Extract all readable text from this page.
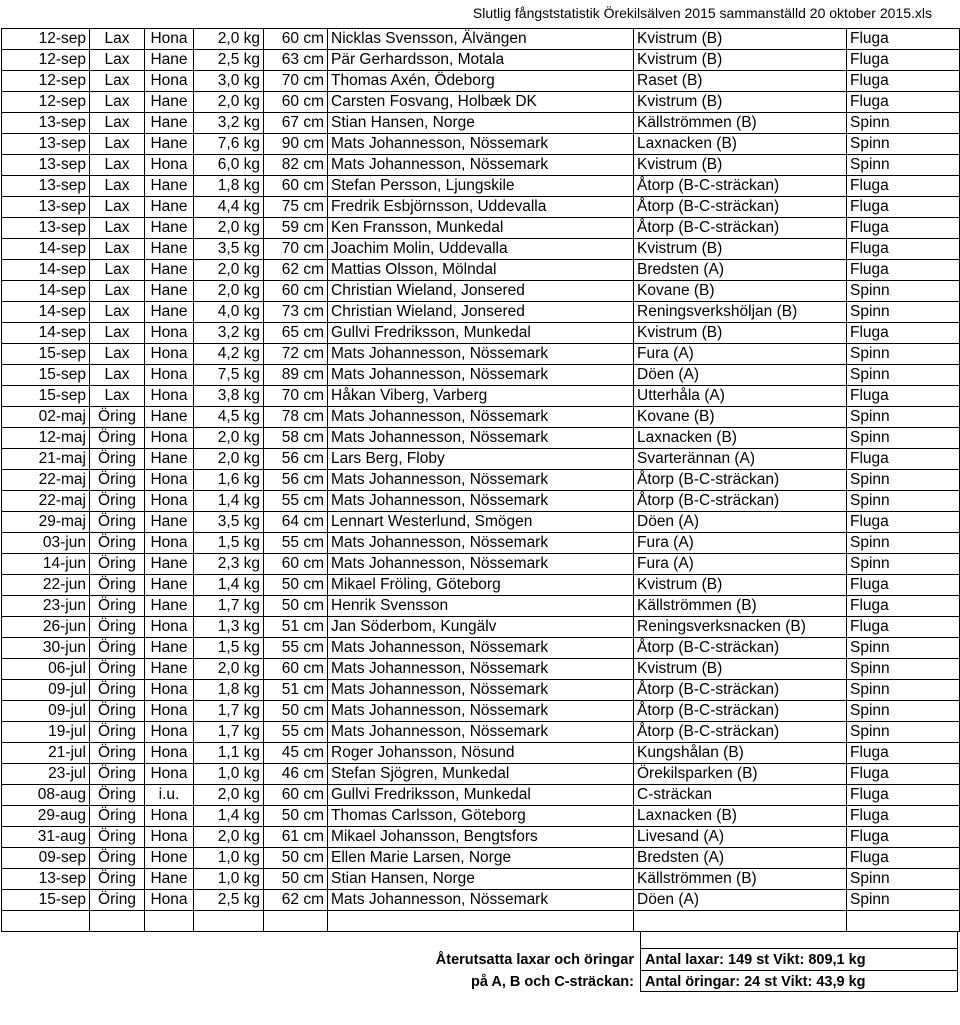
Slutlig fångststatistik Örekilsälven 2015 sammanställd 20 oktober 2015.xls
12-sep	Lax	Hona	2,0 kg	60 cm	Nicklas Svensson, Älvängen	Kvistrum (B)	Fluga
12-sep	Lax	Hane	2,5 kg	63 cm	Pär Gerhardsson, Motala	Kvistrum (B)	Fluga
12-sep	Lax	Hona	3,0 kg	70 cm	Thomas Axén, Ödeborg	Raset (B)	Fluga
12-sep	Lax	Hane	2,0 kg	60 cm	Carsten Fosvang, Holbæk DK	Kvistrum (B)	Fluga
13-sep	Lax	Hane	3,2 kg	67 cm	Stian Hansen, Norge	Källströmmen (B)	Spinn
13-sep	Lax	Hane	7,6 kg	90 cm	Mats Johannesson, Nössemark	Laxnacken (B)	Spinn
13-sep	Lax	Hona	6,0 kg	82 cm	Mats Johannesson, Nössemark	Kvistrum (B)	Spinn
13-sep	Lax	Hane	1,8 kg	60 cm	Stefan Persson, Ljungskile	Åtorp (B-C-sträckan)	Fluga
13-sep	Lax	Hane	4,4 kg	75 cm	Fredrik Esbjörnsson, Uddevalla	Åtorp (B-C-sträckan)	Fluga
13-sep	Lax	Hane	2,0 kg	59 cm	Ken Fransson, Munkedal	Åtorp (B-C-sträckan)	Fluga
14-sep	Lax	Hane	3,5 kg	70 cm	Joachim Molin, Uddevalla	Kvistrum (B)	Fluga
14-sep	Lax	Hane	2,0 kg	62 cm	Mattias Olsson, Mölndal	Bredsten (A)	Fluga
14-sep	Lax	Hane	2,0 kg	60 cm	Christian Wieland, Jonsered	Kovane (B)	Spinn
14-sep	Lax	Hane	4,0 kg	73 cm	Christian Wieland, Jonsered	Reningsverkshöljan (B)	Spinn
14-sep	Lax	Hona	3,2 kg	65 cm	Gullvi Fredriksson, Munkedal	Kvistrum (B)	Fluga
15-sep	Lax	Hona	4,2 kg	72 cm	Mats Johannesson, Nössemark	Fura (A)	Spinn
15-sep	Lax	Hona	7,5 kg	89 cm	Mats Johannesson, Nössemark	Döen (A)	Spinn
15-sep	Lax	Hona	3,8 kg	70 cm	Håkan Viberg, Varberg	Utterhåla (A)	Fluga
02-maj	Öring	Hane	4,5 kg	78 cm	Mats Johannesson, Nössemark	Kovane (B)	Spinn
12-maj	Öring	Hona	2,0 kg	58 cm	Mats Johannesson, Nössemark	Laxnacken (B)	Spinn
21-maj	Öring	Hane	2,0 kg	56 cm	Lars Berg, Floby	Svarterännan (A)	Fluga
22-maj	Öring	Hona	1,6 kg	56 cm	Mats Johannesson, Nössemark	Åtorp (B-C-sträckan)	Spinn
22-maj	Öring	Hona	1,4 kg	55 cm	Mats Johannesson, Nössemark	Åtorp (B-C-sträckan)	Spinn
29-maj	Öring	Hane	3,5 kg	64 cm	Lennart Westerlund, Smögen	Döen (A)	Fluga
03-jun	Öring	Hona	1,5 kg	55 cm	Mats Johannesson, Nössemark	Fura (A)	Spinn
14-jun	Öring	Hane	2,3 kg	60 cm	Mats Johannesson, Nössemark	Fura (A)	Spinn
22-jun	Öring	Hane	1,4 kg	50 cm	Mikael Fröling, Göteborg	Kvistrum (B)	Fluga
23-jun	Öring	Hane	1,7 kg	50 cm	Henrik Svensson	Källströmmen (B)	Fluga
26-jun	Öring	Hona	1,3 kg	51 cm	Jan Söderbom, Kungälv	Reningsverksnacken (B)	Fluga
30-jun	Öring	Hane	1,5 kg	55 cm	Mats Johannesson, Nössemark	Åtorp (B-C-sträckan)	Spinn
06-jul	Öring	Hane	2,0 kg	60 cm	Mats Johannesson, Nössemark	Kvistrum (B)	Spinn
09-jul	Öring	Hona	1,8 kg	51 cm	Mats Johannesson, Nössemark	Åtorp (B-C-sträckan)	Spinn
09-jul	Öring	Hona	1,7 kg	50 cm	Mats Johannesson, Nössemark	Åtorp (B-C-sträckan)	Spinn
19-jul	Öring	Hona	1,7 kg	55 cm	Mats Johannesson, Nössemark	Åtorp (B-C-sträckan)	Spinn
21-jul	Öring	Hona	1,1 kg	45 cm	Roger Johansson, Nösund	Kungshålan (B)	Fluga
23-jul	Öring	Hona	1,0 kg	46 cm	Stefan Sjögren, Munkedal	Örekilsparken (B)	Fluga
08-aug	Öring	i.u.	2,0 kg	60 cm	Gullvi Fredriksson, Munkedal	C-sträckan	Fluga
29-aug	Öring	Hona	1,4 kg	50 cm	Thomas Carlsson, Göteborg	Laxnacken (B)	Fluga
31-aug	Öring	Hona	2,0 kg	61 cm	Mikael Johansson, Bengtsfors	Livesand (A)	Fluga
09-sep	Öring	Hone	1,0 kg	50 cm	Ellen Marie Larsen, Norge	Bredsten (A)	Fluga
13-sep	Öring	Hane	1,0 kg	50 cm	Stian Hansen, Norge	Källströmmen (B)	Spinn
15-sep	Öring	Hona	2,5 kg	62 cm	Mats Johannesson, Nössemark	Döen (A)	Spinn

Återutsatta laxar och öringar Antal laxar: 149 st Vikt: 809,1 kg
på A, B och C-sträckan: Antal öringar: 24 st Vikt: 43,9 kg
